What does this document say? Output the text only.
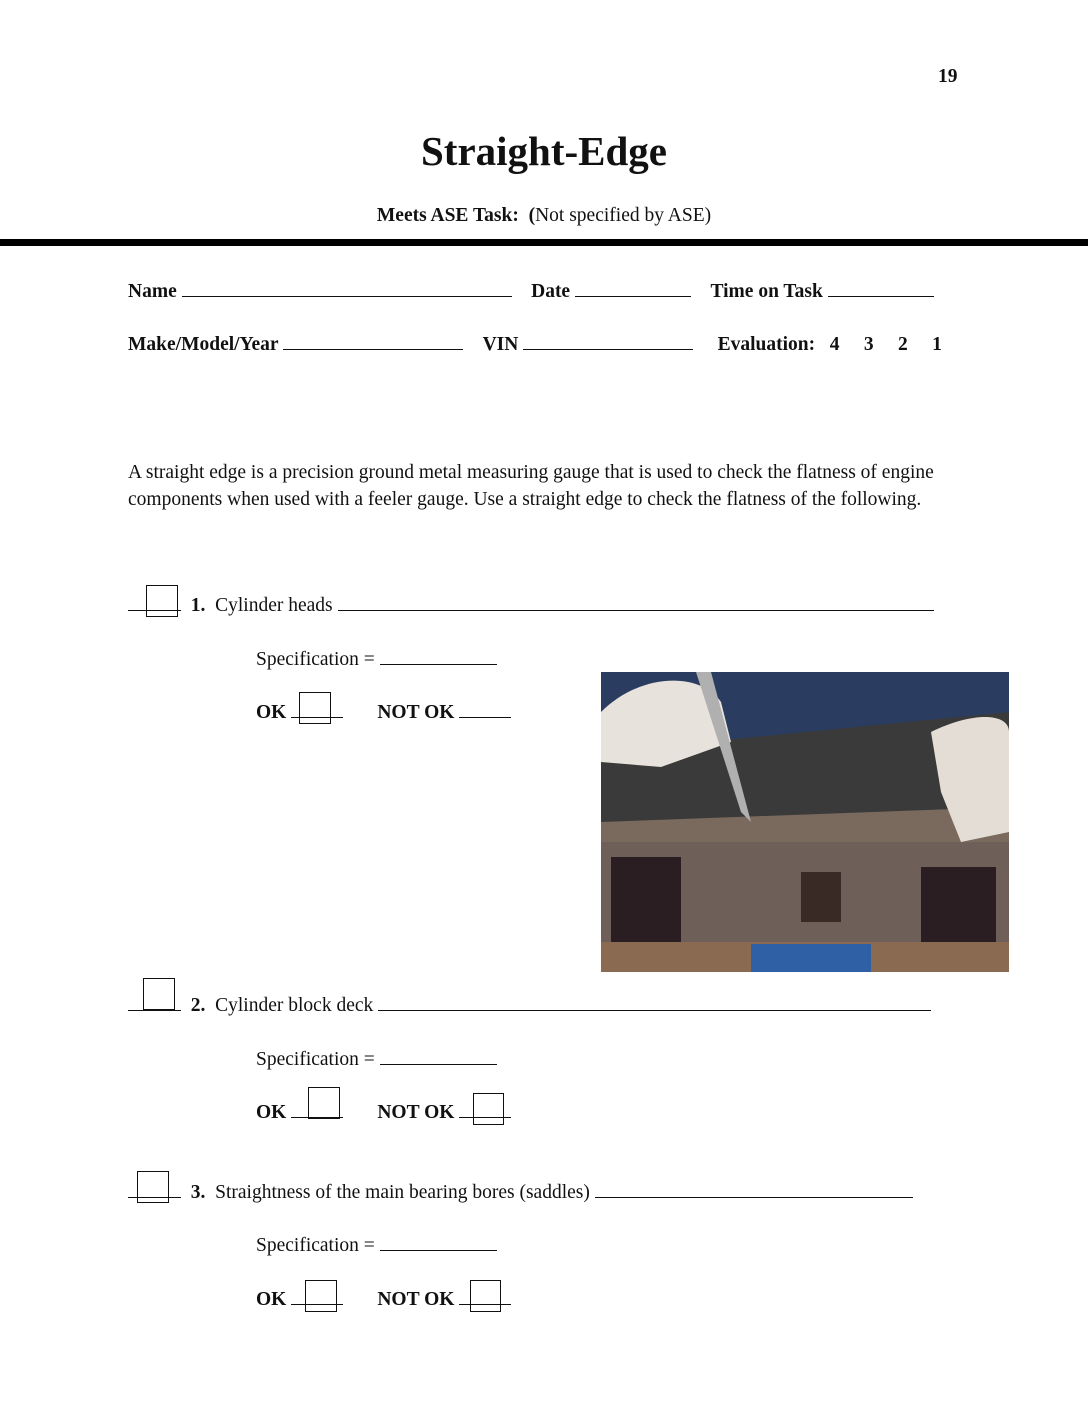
19
Straight-Edge
Meets ASE Task: (Not specified by ASE)
Name	Date	Time on Task
Make/Model/Year	VIN	Evaluation: 4 3 2 1
A straight edge is a precision ground metal measuring gauge that is used to check the flatness of engine components when used with a feeler gauge. Use a straight edge to check the flatness of the following.
1. Cylinder heads
Specification =
OK	NOT OK
2. Cylinder block deck
Specification =
OK	NOT OK
3. Straightness of the main bearing bores (saddles)
Specification =
OK	NOT OK
